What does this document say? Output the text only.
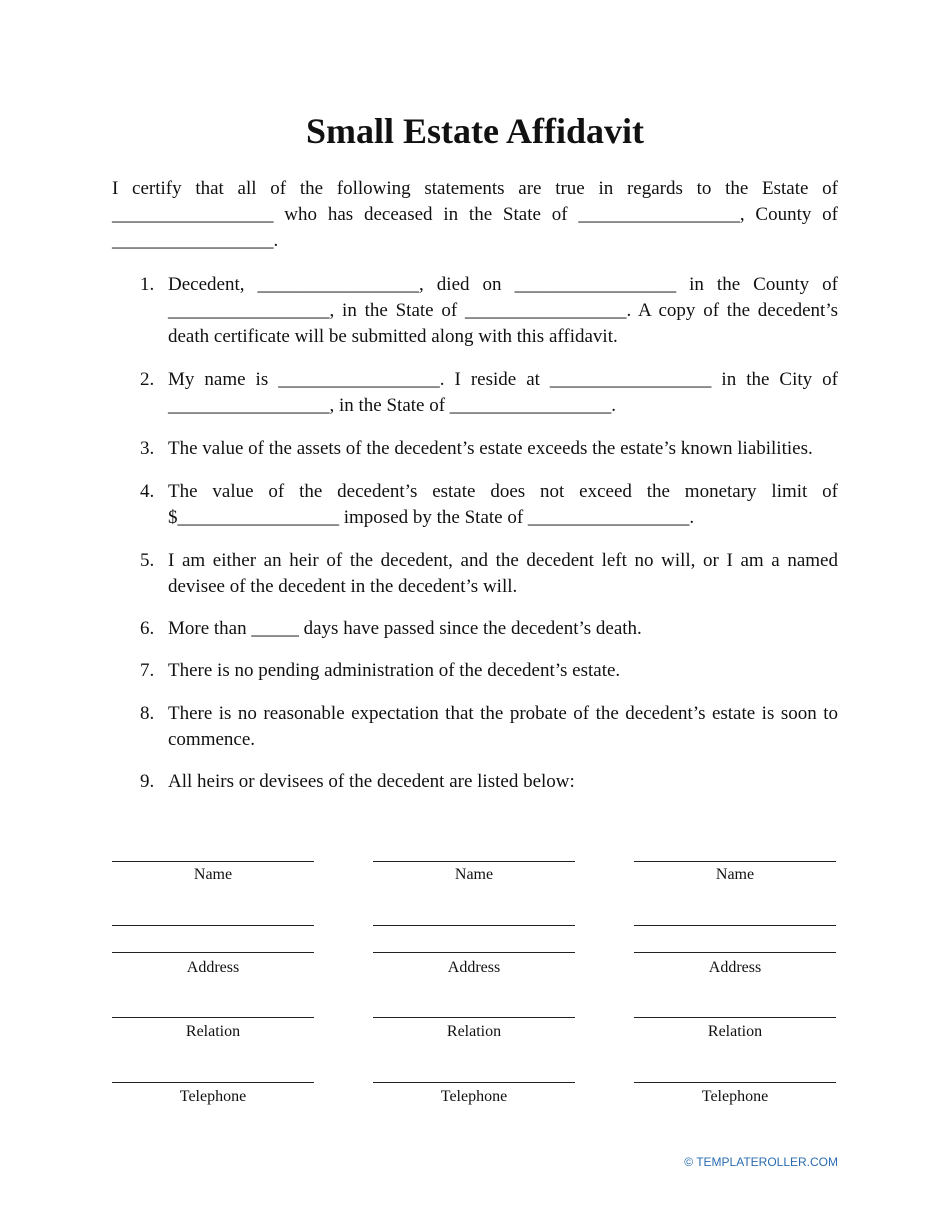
Small Estate Affidavit

I certify that all of the following statements are true in regards to the Estate of _________________ who has deceased in the State of _________________, County of _________________.

1. Decedent, _________________, died on _________________ in the County of _________________, in the State of _________________. A copy of the decedent’s death certificate will be submitted along with this affidavit.
2. My name is _________________. I reside at _________________ in the City of _________________, in the State of _________________.
3. The value of the assets of the decedent’s estate exceeds the estate’s known liabilities.
4. The value of the decedent’s estate does not exceed the monetary limit of $_________________ imposed by the State of _________________.
5. I am either an heir of the decedent, and the decedent left no will, or I am a named devisee of the decedent in the decedent’s will.
6. More than _____ days have passed since the decedent’s death.
7. There is no pending administration of the decedent’s estate.
8. There is no reasonable expectation that the probate of the decedent’s estate is soon to commence.
9. All heirs or devisees of the decedent are listed below:
Name
Address
Relation
Telephone
Name
Address
Relation
Telephone
Name
Address
Relation
Telephone
© TEMPLATEROLLER.COM
